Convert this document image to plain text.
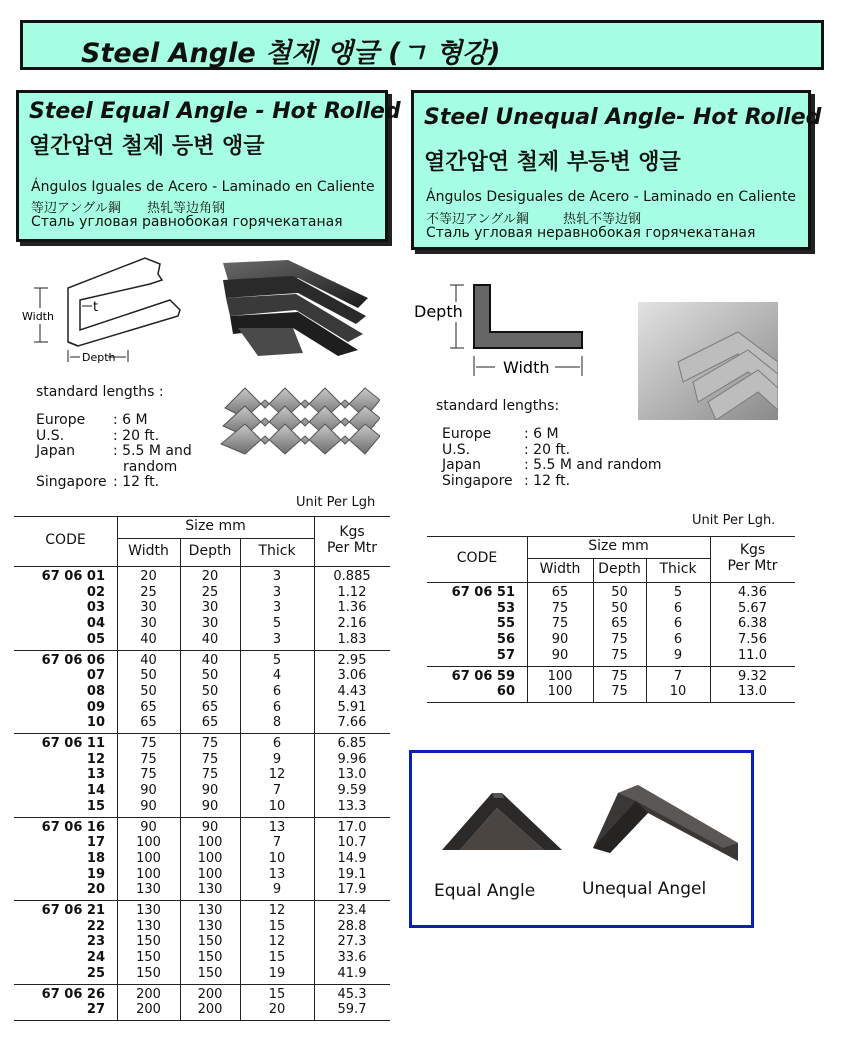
Steel Angle 철제 앵글 (ㄱ 형강)
Steel Equal Angle - Hot Rolled
열간압연 철제 등변 앵글
Ángulos Iguales de Acero - Laminado en Caliente
等辺アングル鋼 热轧等边角钢
Сталь угловая равнобокая горячекатаная
Steel Unequal Angle- Hot Rolled
열간압연 철제 부등변 앵글
Ángulos Desiguales de Acero - Laminado en Caliente
不等辺アングル鋼	热轧不等边钢
Сталь угловая неравнобокая горячекатаная
Width
Depth
t
standard lengths :
Europe : 6 M
U.S.	: 20 ft.
Japan	: 5.5 M and
random
Singapore : 12 ft.
Depth
Width
standard lengths:
Europe : 6 M
U.S.	: 20 ft.
Japan	: 5.5 M and random
Singapore : 12 ft.
Unit Per Lgh
Unit Per Lgh.
CODE
Size mm
Width	Depth	Thick
Kgs
Per Mtr
67 06 01	20	20	3	0.885
02	25	25	3	1.12
03	30	30	3	1.36
04	30	30	5	2.16
05	40	40	3	1.83
67 06 06	40	40	5	2.95
07	50	50	4	3.06
08	50	50	6	4.43
09	65	65	6	5.91
10	65	65	8	7.66
67 06 11	75	75	6	6.85
12	75	75	9	9.96
13	75	75	12	13.0
14	90	90	7	9.59
15	90	90	10	13.3
67 06 16	90	90	13	17.0
17	100	100	7	10.7
18	100	100	10	14.9
19	100	100	13	19.1
20	130	130	9	17.9
67 06 21	130	130	12	23.4
22	130	130	15	28.8
23	150	150	12	27.3
24	150	150	15	33.6
25	150	150	19	41.9
67 06 26	200	200	15	45.3
27	200	200	20	59.7
CODE
Size mm
Width	Depth	Thick
Kgs
Per Mtr
67 06 51	65	50	5	4.36
53	75	50	6	5.67
55	75	65	6	6.38
56	90	75	6	7.56
57	90	75	9	11.0
67 06 59	100	75	7	9.32
60	100	75	10	13.0
Equal Angle	Unequal Angel
